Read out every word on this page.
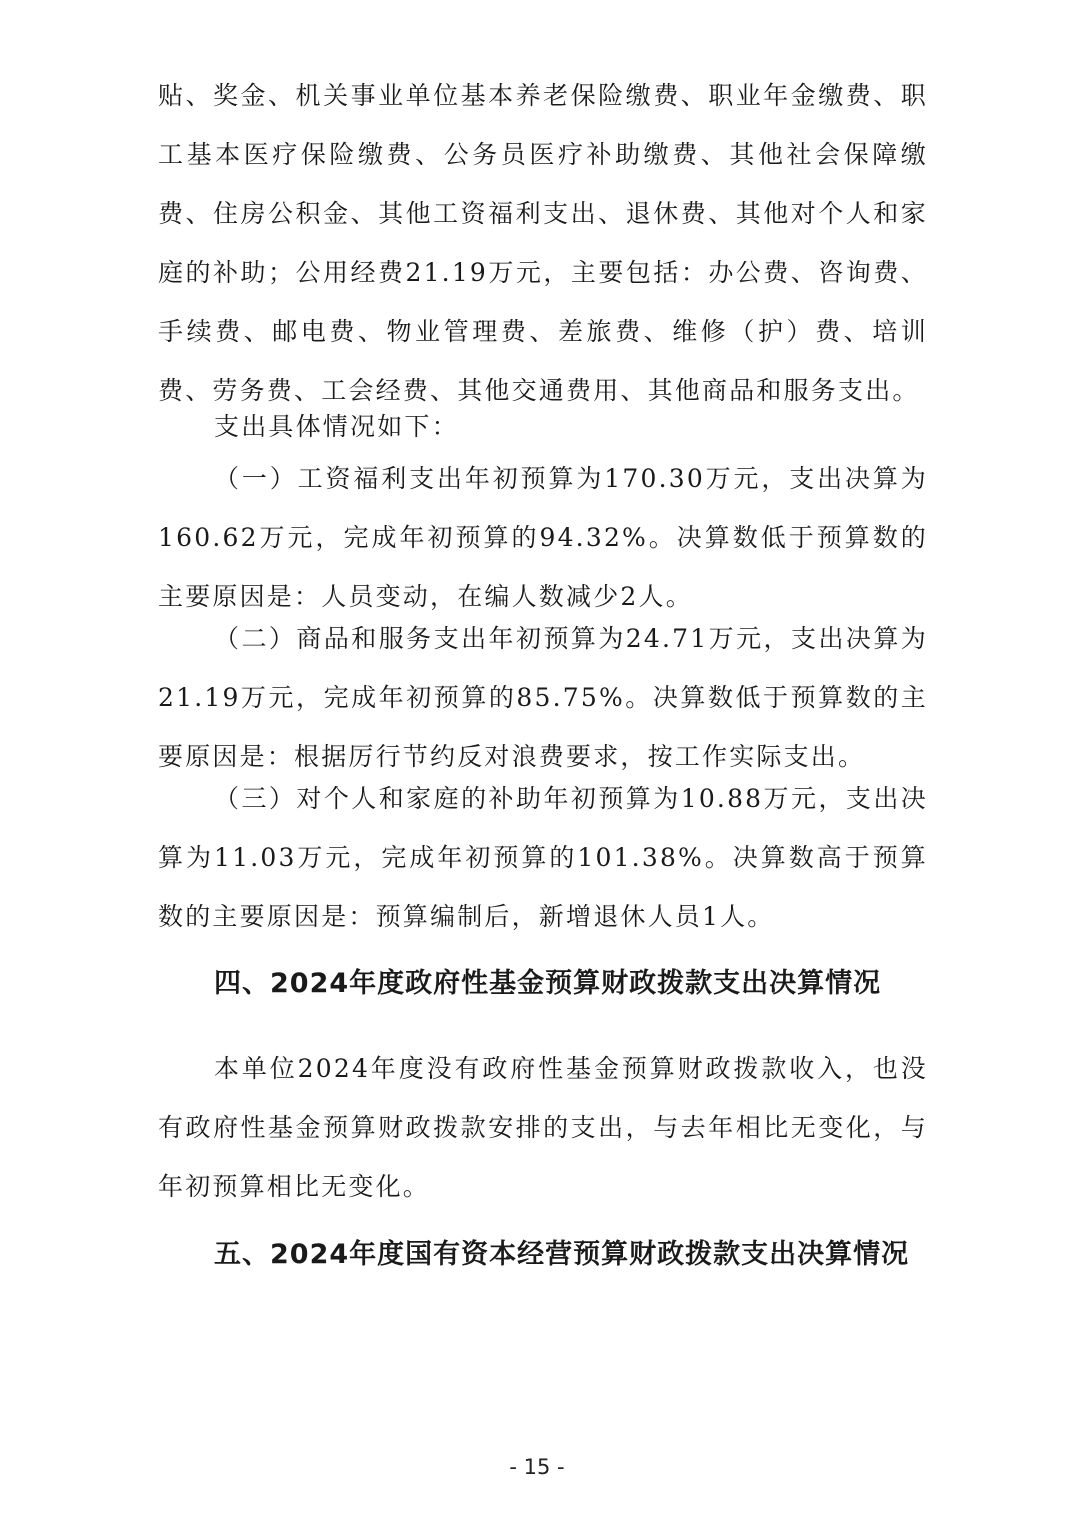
贴、奖金、机关事业单位基本养老保险缴费、职业年金缴费、职工基本医疗保险缴费、公务员医疗补助缴费、其他社会保障缴费、住房公积金、其他工资福利支出、退休费、其他对个人和家庭的补助；公用经费21.19万元，主要包括：办公费、咨询费、手续费、邮电费、物业管理费、差旅费、维修（护）费、培训费、劳务费、工会经费、其他交通费用、其他商品和服务支出。

支出具体情况如下：

（一）工资福利支出年初预算为170.30万元，支出决算为160.62万元，完成年初预算的94.32%。决算数低于预算数的主要原因是：人员变动，在编人数减少2人。

（二）商品和服务支出年初预算为24.71万元，支出决算为21.19万元，完成年初预算的85.75%。决算数低于预算数的主要原因是：根据厉行节约反对浪费要求，按工作实际支出。

（三）对个人和家庭的补助年初预算为10.88万元，支出决算为11.03万元，完成年初预算的101.38%。决算数高于预算数的主要原因是：预算编制后，新增退休人员1人。

四、2024年度政府性基金预算财政拨款支出决算情况

本单位2024年度没有政府性基金预算财政拨款收入，也没有政府性基金预算财政拨款安排的支出，与去年相比无变化，与年初预算相比无变化。

五、2024年度国有资本经营预算财政拨款支出决算情况
- 15 -
